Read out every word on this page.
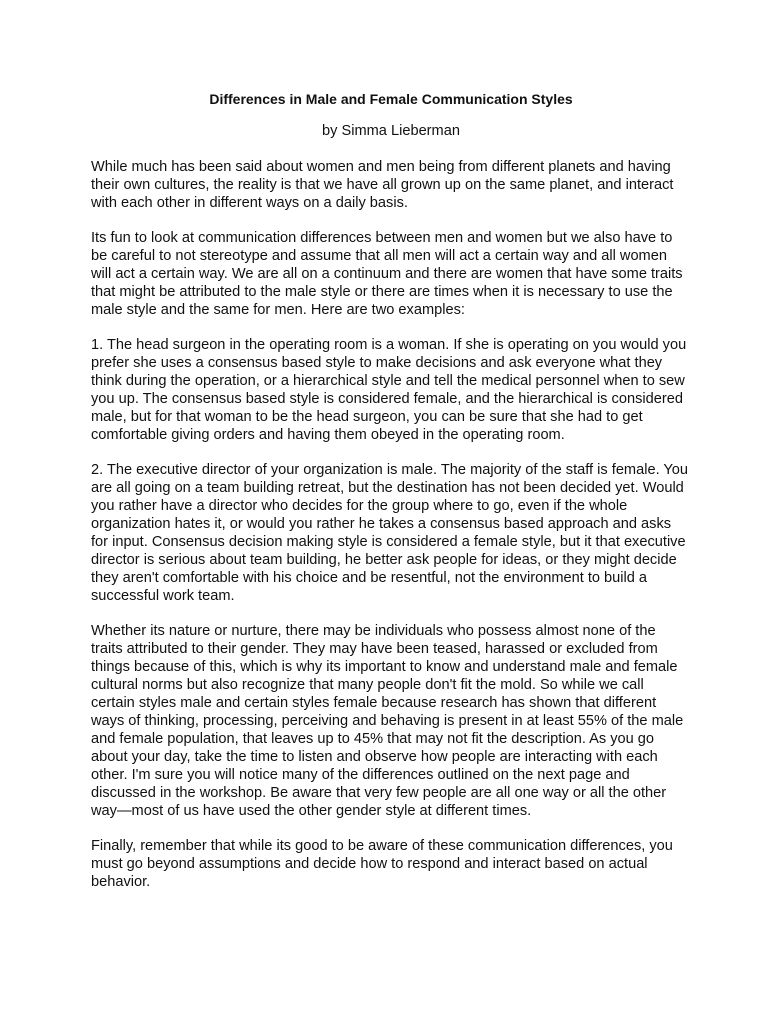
Differences in Male and Female Communication Styles
by Simma Lieberman

While much has been said about women and men being from different planets and having their own cultures, the reality is that we have all grown up on the same planet, and interact with each other in different ways on a daily basis.

Its fun to look at communication differences between men and women but we also have to be careful to not stereotype and assume that all men will act a certain way and all women will act a certain way. We are all on a continuum and there are women that have some traits that might be attributed to the male style or there are times when it is necessary to use the male style and the same for men. Here are two examples:

1. The head surgeon in the operating room is a woman. If she is operating on you would you prefer she uses a consensus based style to make decisions and ask everyone what they think during the operation, or a hierarchical style and tell the medical personnel when to sew you up. The consensus based style is considered female, and the hierarchical is considered male, but for that woman to be the head surgeon, you can be sure that she had to get comfortable giving orders and having them obeyed in the operating room.

2. The executive director of your organization is male. The majority of the staff is female. You are all going on a team building retreat, but the destination has not been decided yet. Would you rather have a director who decides for the group where to go, even if the whole organization hates it, or would you rather he takes a consensus based approach and asks for input. Consensus decision making style is considered a female style, but it that executive director is serious about team building, he better ask people for ideas, or they might decide they aren't comfortable with his choice and be resentful, not the environment to build a successful work team.

Whether its nature or nurture, there may be individuals who possess almost none of the traits attributed to their gender. They may have been teased, harassed or excluded from things because of this, which is why its important to know and understand male and female cultural norms but also recognize that many people don't fit the mold. So while we call certain styles male and certain styles female because research has shown that different ways of thinking, processing, perceiving and behaving is present in at least 55% of the male and female population, that leaves up to 45% that may not fit the description. As you go about your day, take the time to listen and observe how people are interacting with each other. I'm sure you will notice many of the differences outlined on the next page and discussed in the workshop. Be aware that very few people are all one way or all the other way—most of us have used the other gender style at different times.

Finally, remember that while its good to be aware of these communication differences, you must go beyond assumptions and decide how to respond and interact based on actual behavior.
